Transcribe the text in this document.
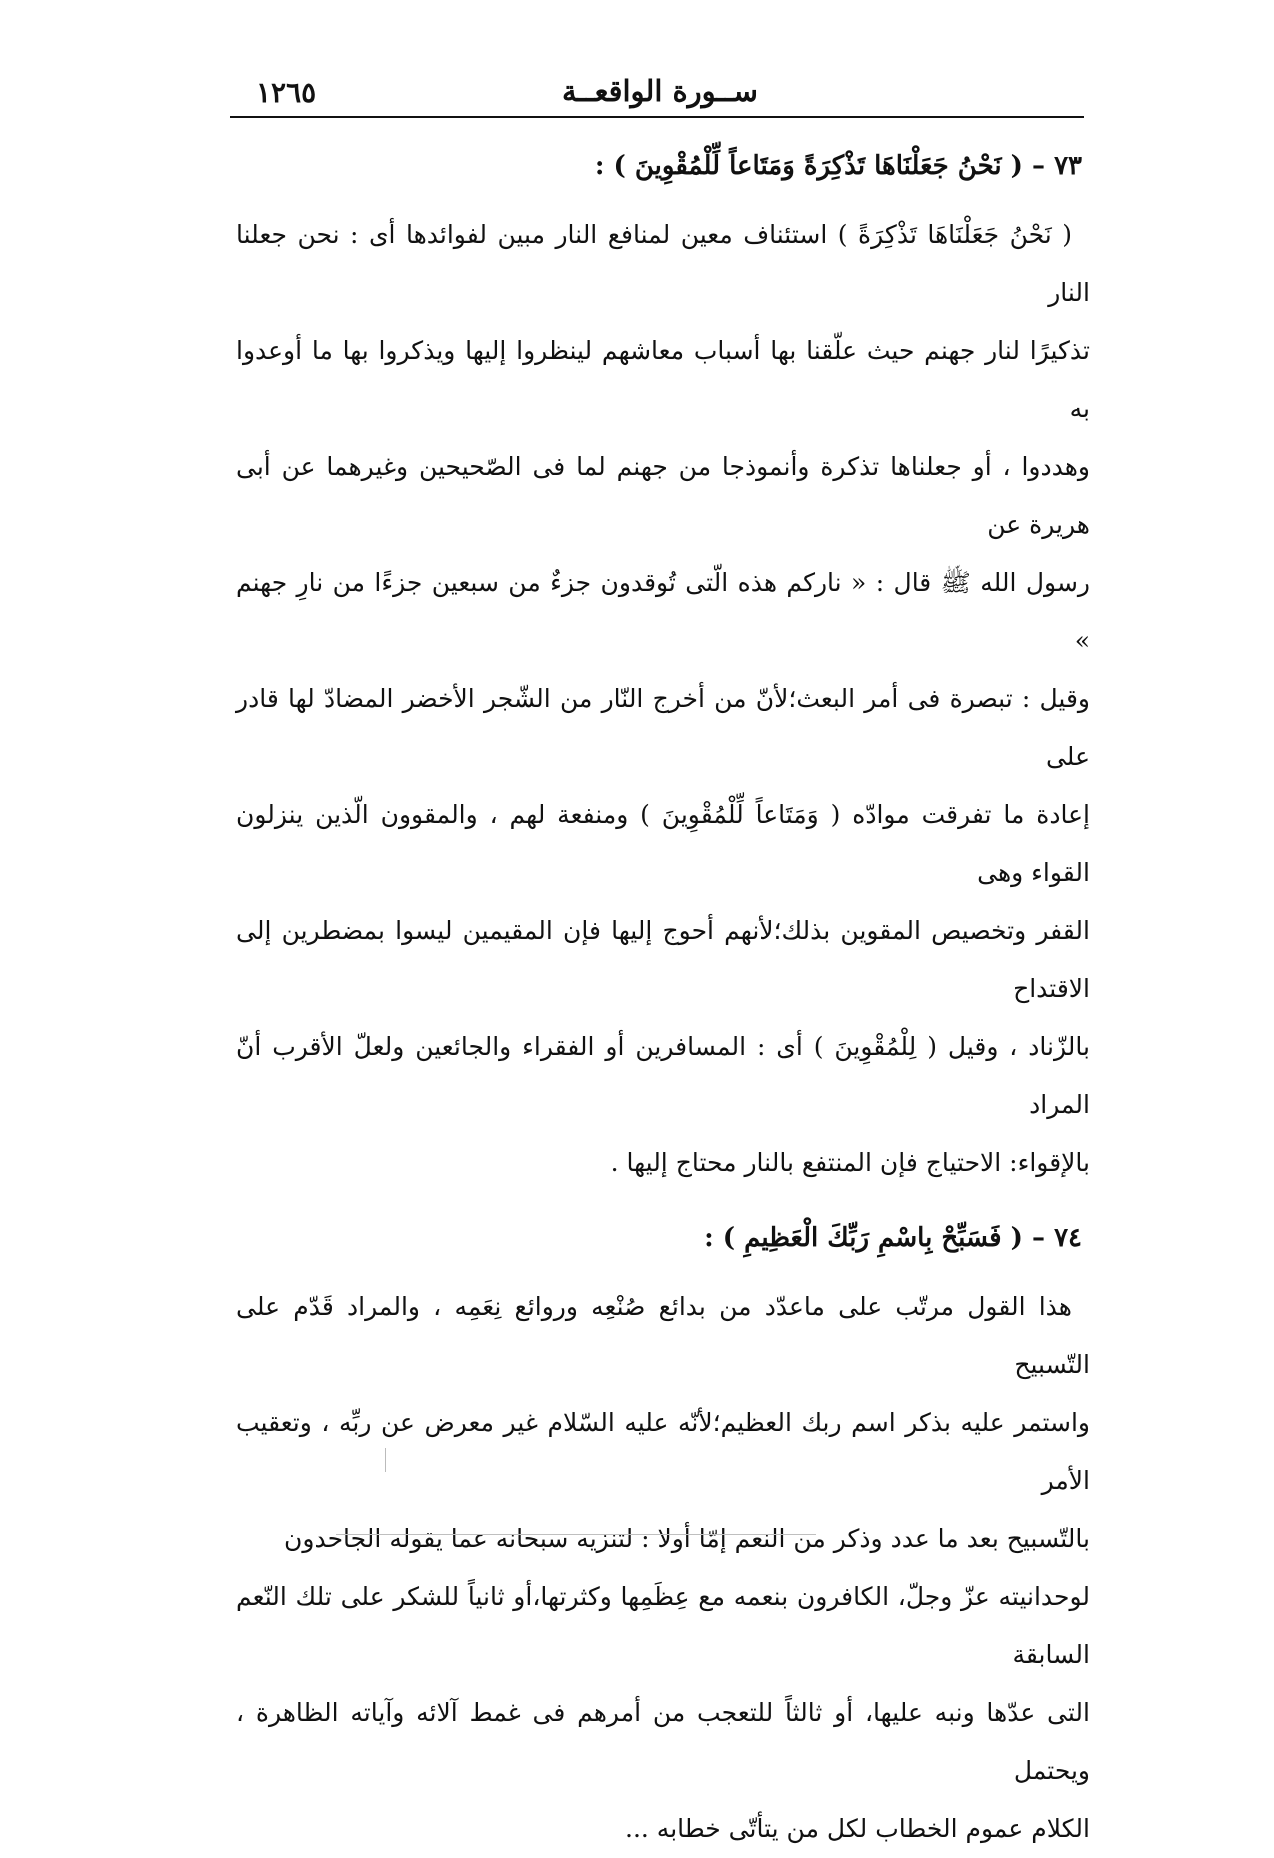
١٢٦٥	ســورة الواقعــة

٧٣ – ( نَحْنُ جَعَلْنَاهَا تَذْكِرَةً وَمَتَاعاً لِّلْمُقْوِينَ ) :

( نَحْنُ جَعَلْنَاهَا تَذْكِرَةً ) استئناف معين لمنافع النار مبين لفوائدها أى : نحن جعلنا النار

تذكيرًا لنار جهنم حيث علّقنا بها أسباب معاشهم لينظروا إليها ويذكروا بها ما أوعدوا به

وهددوا ، أو جعلناها تذكرة وأنموذجا من جهنم لما فى الصّحيحين وغيرهما عن أبى هريرة عن

رسول الله ﷺ قال : « ناركم هذه الّتى تُوقدون جزءٌ من سبعين جزءًا من نارِ جهنم »

وقيل : تبصرة فى أمر البعث؛لأنّ من أخرج النّار من الشّجر الأخضر المضادّ لها قادر على

إعادة ما تفرقت موادّه ( وَمَتَاعاً لِّلْمُقْوِينَ ) ومنفعة لهم ، والمقوون الّذين ينزلون القواء وهى

القفر وتخصيص المقوين بذلك؛لأنهم أحوج إليها فإن المقيمين ليسوا بمضطرين إلى الاقتداح

بالزّناد ، وقيل ( لِلْمُقْوِينَ ) أى : المسافرين أو الفقراء والجائعين ولعلّ الأقرب أنّ المراد

بالإقواء: الاحتياج فإن المنتفع بالنار محتاج إليها .

٧٤ – ( فَسَبِّحْ بِاسْمِ رَبِّكَ الْعَظِيمِ ) :

هذا القول مرتّب على ماعدّد من بدائع صُنْعِه وروائع نِعَمِه ، والمراد قَدّم على التّسبيح

واستمر عليه بذكر اسم ربك العظيم؛لأنّه عليه السّلام غير معرض عن ربِّه ، وتعقيب الأمر

بالتّسبيح بعد ما عدد وذكر من النعم إمّا أولا : لتنزيه سبحانه عما يقوله الجاحدون

لوحدانيته عزّ وجلّ، الكافرون بنعمه مع عِظَمِها وكثرتها،أو ثانياً للشكر على تلك النّعم السابقة

التى عدّها ونبه عليها، أو ثالثاً للتعجب من أمرهم فى غمط آلائه وآياته الظاهرة ، ويحتمل

الكلام عموم الخطاب لكل من يتأتّى خطابه ...
